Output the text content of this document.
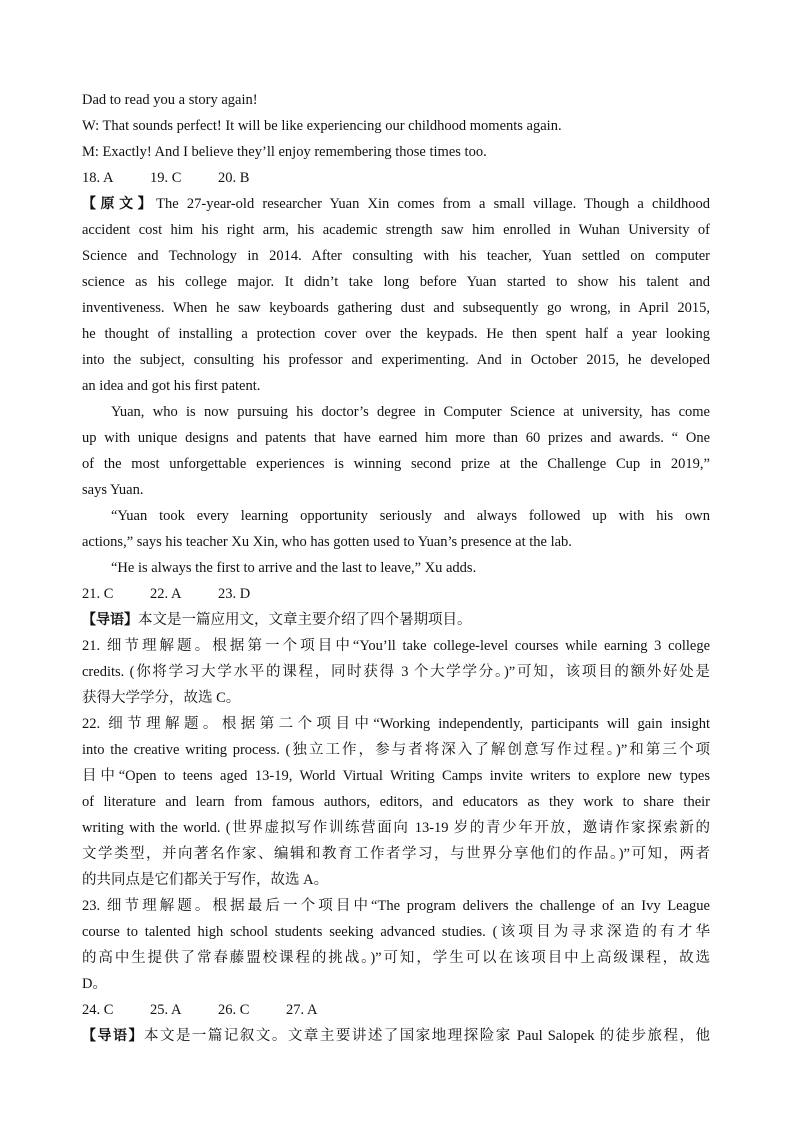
Dad to read you a story again!
W: That sounds perfect! It will be like experiencing our childhood moments again.
M: Exactly! And I believe they’ll enjoy remembering those times too.
18. A	19. C	20. B
【原文】The 27-year-old researcher Yuan Xin comes from a small village. Though a childhood
accident cost him his right arm, his academic strength saw him enrolled in Wuhan University of
Science and Technology in 2014. After consulting with his teacher, Yuan settled on computer
science as his college major. It didn’t take long before Yuan started to show his talent and
inventiveness. When he saw keyboards gathering dust and subsequently go wrong, in April 2015,
he thought of installing a protection cover over the keypads. He then spent half a year looking
into the subject, consulting his professor and experimenting. And in October 2015, he developed
an idea and got his first patent.
Yuan, who is now pursuing his doctor’s degree in Computer Science at university, has come
up with unique designs and patents that have earned him more than 60 prizes and awards. “ One
of the most unforgettable experiences is winning second prize at the Challenge Cup in 2019,”
says Yuan.
“Yuan took every learning opportunity seriously and always followed up with his own
actions,” says his teacher Xu Xin, who has gotten used to Yuan’s presence at the lab.
“He is always the first to arrive and the last to leave,” Xu adds.
21. C	22. A	23. D
【导语】本文是一篇应用文，文章主要介绍了四个暑期项目。
21. 细节理解题。根据第一个项目中“You’ll take college-level courses while earning 3 college
credits. (你将学习大学水平的课程，同时获得 3 个大学学分。)”可知，该项目的额外好处是
获得大学学分，故选 C。
22. 细节理解题。根据第二个项目中“Working independently, participants will gain insight
into the creative writing process. (独立工作，参与者将深入了解创意写作过程。)”和第三个项
目中“Open to teens aged 13-19, World Virtual Writing Camps invite writers to explore new types
of literature and learn from famous authors, editors, and educators as they work to share their
writing with the world. (世界虚拟写作训练营面向 13-19 岁的青少年开放，邀请作家探索新的
文学类型，并向著名作家、编辑和教育工作者学习，与世界分享他们的作品。)”可知，两者
的共同点是它们都关于写作，故选 A。
23. 细节理解题。根据最后一个项目中“The program delivers the challenge of an Ivy League
course to talented high school students seeking advanced studies. (该项目为寻求深造的有才华
的高中生提供了常春藤盟校课程的挑战。)”可知，学生可以在该项目中上高级课程，故选
D。
24. C	25. A	26. C	27. A
【导语】本文是一篇记叙文。文章主要讲述了国家地理探险家 Paul Salopek 的徒步旅程，他
